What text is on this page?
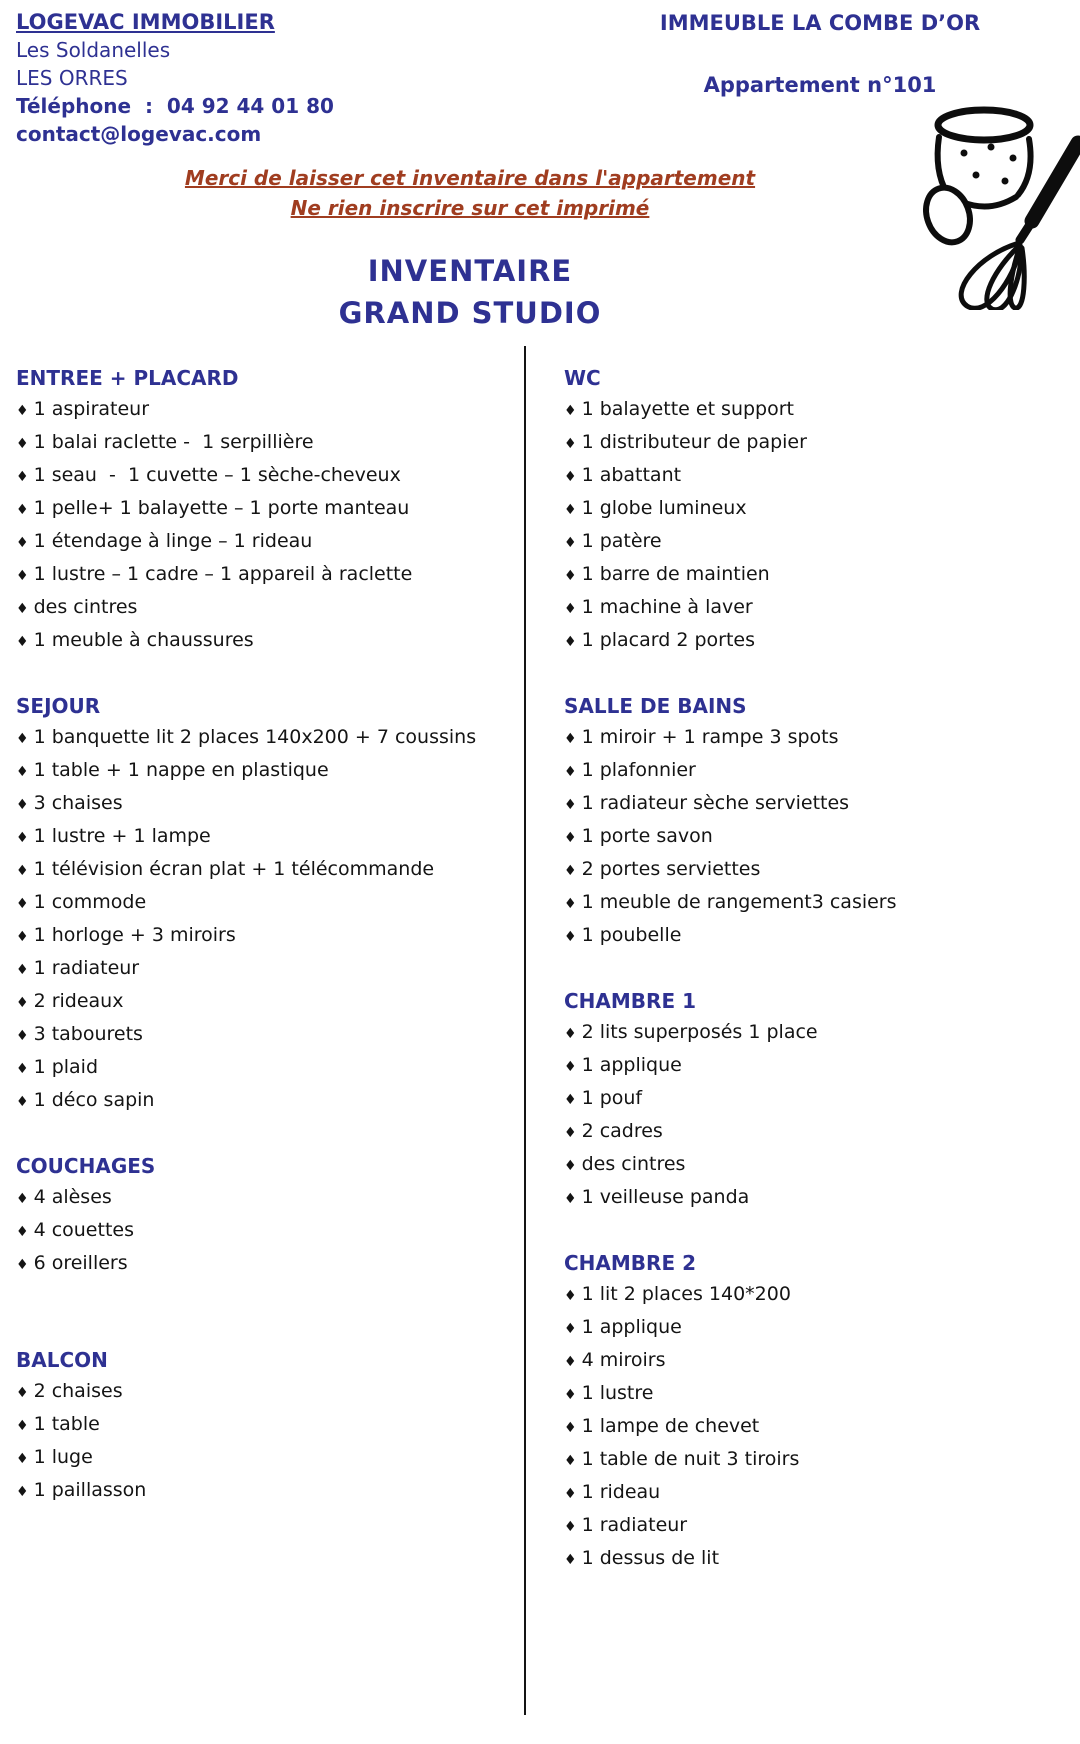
LOGEVAC IMMOBILIER
Les Soldanelles
LES ORRES
Téléphone  :  04 92 44 01 80
contact@logevac.com
IMMEUBLE LA COMBE D’OR
Appartement n°101
Merci de laisser cet inventaire dans l'appartement
Ne rien inscrire sur cet imprimé
INVENTAIRE
GRAND STUDIO
ENTREE + PLACARD
♦ 1 aspirateur
♦ 1 balai raclette -  1 serpillière
♦ 1 seau  -  1 cuvette – 1 sèche-cheveux
♦ 1 pelle+ 1 balayette – 1 porte manteau
♦ 1 étendage à linge – 1 rideau
♦ 1 lustre – 1 cadre – 1 appareil à raclette
♦ des cintres
♦ 1 meuble à chaussures
SEJOUR
♦ 1 banquette lit 2 places 140x200 + 7 coussins
♦ 1 table + 1 nappe en plastique
♦ 3 chaises
♦ 1 lustre + 1 lampe
♦ 1 télévision écran plat + 1 télécommande
♦ 1 commode
♦ 1 horloge + 3 miroirs
♦ 1 radiateur
♦ 2 rideaux
♦ 3 tabourets
♦ 1 plaid
♦ 1 déco sapin
COUCHAGES
♦ 4 alèses
♦ 4 couettes
♦ 6 oreillers
BALCON
♦ 2 chaises
♦ 1 table
♦ 1 luge
♦ 1 paillasson
WC
♦ 1 balayette et support
♦ 1 distributeur de papier
♦ 1 abattant
♦ 1 globe lumineux
♦ 1 patère
♦ 1 barre de maintien
♦ 1 machine à laver
♦ 1 placard 2 portes
SALLE DE BAINS
♦ 1 miroir + 1 rampe 3 spots
♦ 1 plafonnier
♦ 1 radiateur sèche serviettes
♦ 1 porte savon
♦ 2 portes serviettes
♦ 1 meuble de rangement3 casiers
♦ 1 poubelle
CHAMBRE 1
♦ 2 lits superposés 1 place
♦ 1 applique
♦ 1 pouf
♦ 2 cadres
♦ des cintres
♦ 1 veilleuse panda
CHAMBRE 2
♦ 1 lit 2 places 140*200
♦ 1 applique
♦ 4 miroirs
♦ 1 lustre
♦ 1 lampe de chevet
♦ 1 table de nuit 3 tiroirs
♦ 1 rideau
♦ 1 radiateur
♦ 1 dessus de lit
